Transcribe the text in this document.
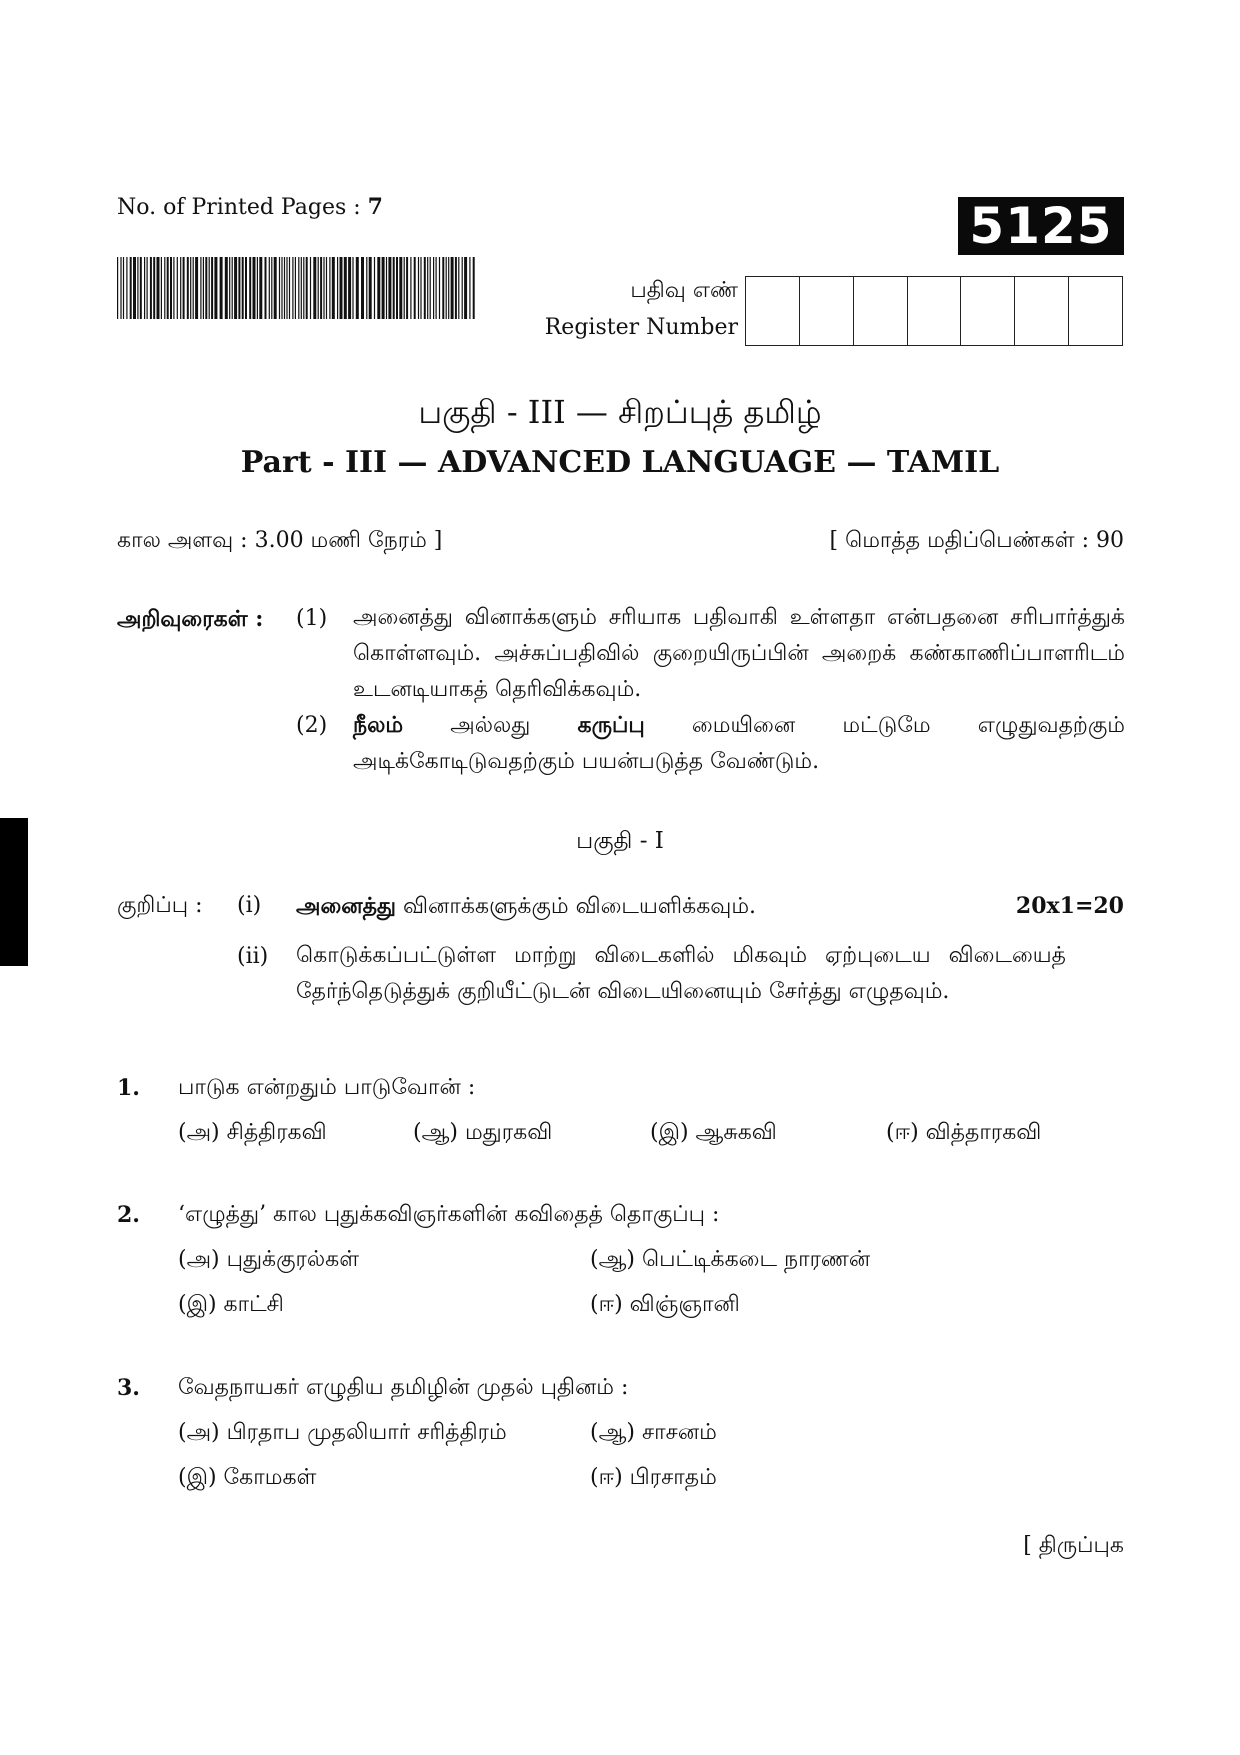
No. of Printed Pages : 7	5125
பதிவு எண்
Register Number
பகுதி - III — சிறப்புத் தமிழ்
Part - III — ADVANCED LANGUAGE — TAMIL
கால அளவு : 3.00 மணி நேரம் ]	[ மொத்த மதிப்பெண்கள் : 90
அறிவுரைகள் : (1) அனைத்து வினாக்களும் சரியாக பதிவாகி உள்ளதா என்பதனை சரிபார்த்துக் கொள்ளவும். அச்சுப்பதிவில் குறையிருப்பின் அறைக் கண்காணிப்பாளரிடம் உடனடியாகத் தெரிவிக்கவும்.
(2) நீலம் அல்லது கருப்பு மையினை மட்டுமே எழுதுவதற்கும் அடிக்கோடிடுவதற்கும் பயன்படுத்த வேண்டும்.
பகுதி - I
குறிப்பு : (i) அனைத்து வினாக்களுக்கும் விடையளிக்கவும்.	20x1=20
(ii) கொடுக்கப்பட்டுள்ள மாற்று விடைகளில் மிகவும் ஏற்புடைய விடையைத் தேர்ந்தெடுத்துக் குறியீட்டுடன் விடையினையும் சேர்த்து எழுதவும்.
1. பாடுக என்றதும் பாடுவோன் :
(அ) சித்திரகவி	(ஆ) மதுரகவி	(இ) ஆசுகவி	(ஈ) வித்தாரகவி
2. ‘எழுத்து’ கால புதுக்கவிஞர்களின் கவிதைத் தொகுப்பு :
(அ) புதுக்குரல்கள்	(ஆ) பெட்டிக்கடை நாரணன்
(இ) காட்சி	(ஈ) விஞ்ஞானி
3. வேதநாயகர் எழுதிய தமிழின் முதல் புதினம் :
(அ) பிரதாப முதலியார் சரித்திரம்	(ஆ) சாசனம்
(இ) கோமகள்	(ஈ) பிரசாதம்
[ திருப்புக
